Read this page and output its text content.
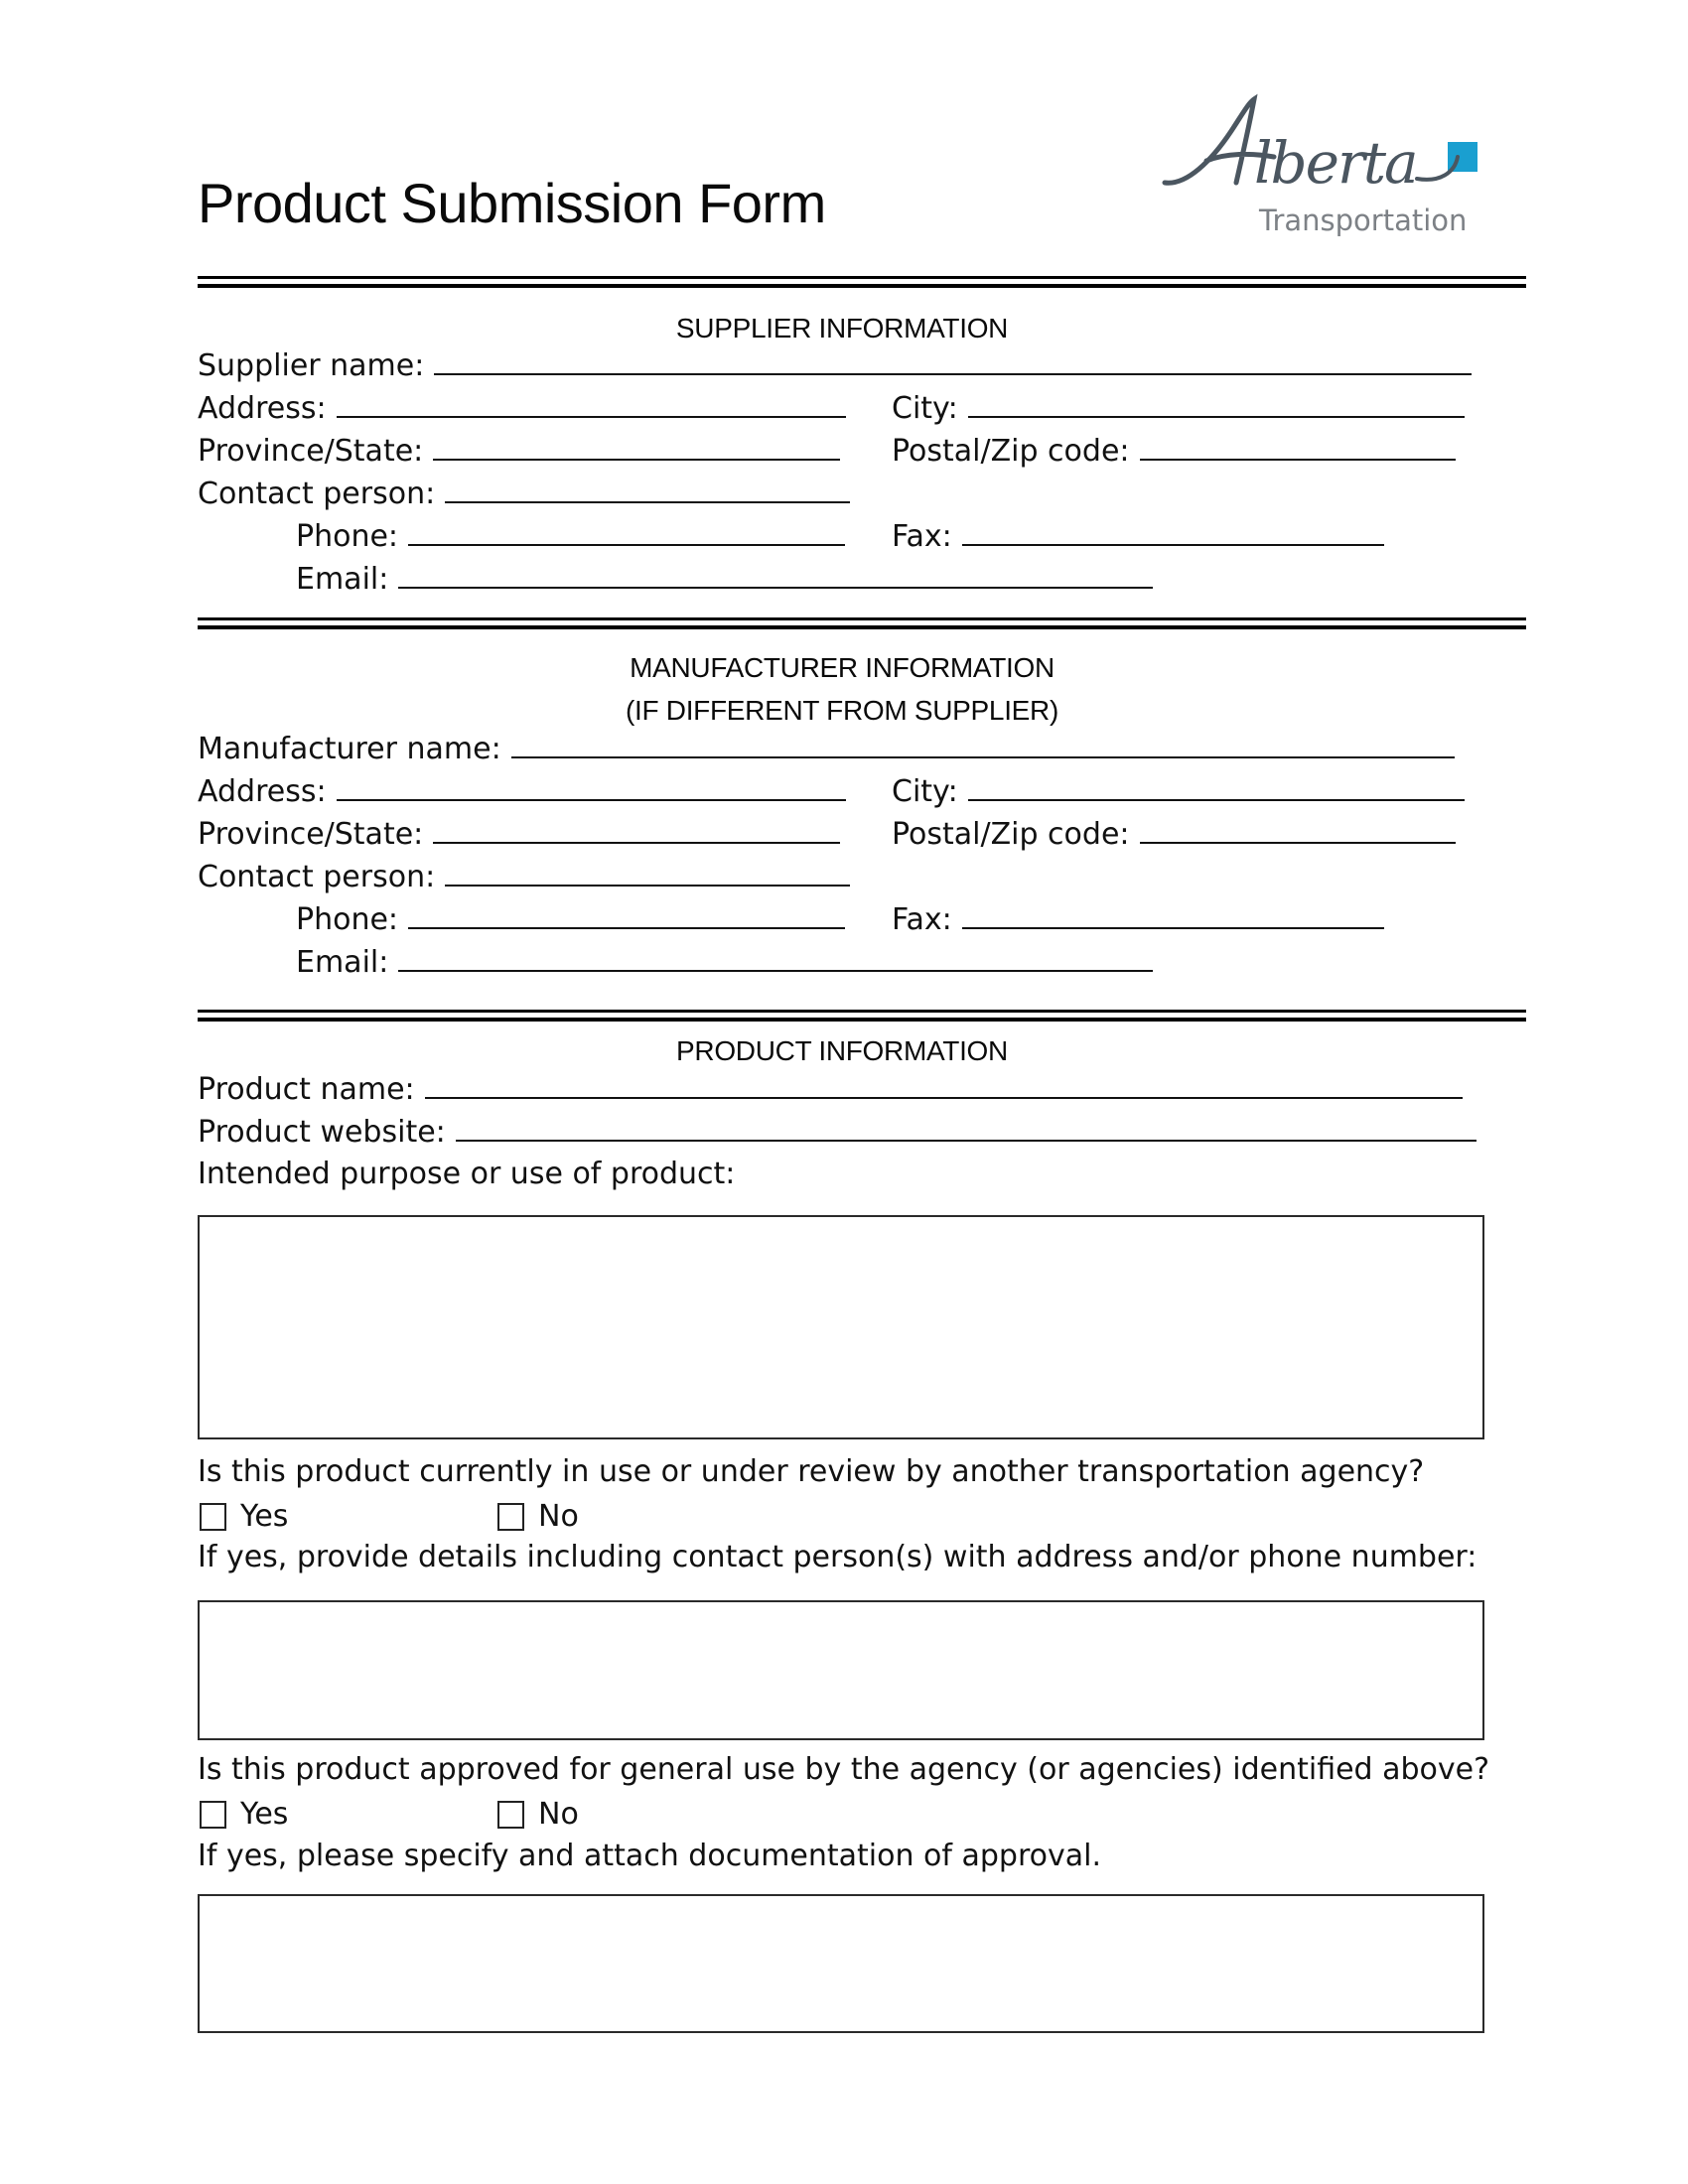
Product Submission Form
lberta
Transportation
SUPPLIER INFORMATION
Supplier name:
Address:	City:
Province/State:	Postal/Zip code:
Contact person:
Phone:	Fax:
Email:
MANUFACTURER INFORMATION
(IF DIFFERENT FROM SUPPLIER)
Manufacturer name:
Address:	City:
Province/State:	Postal/Zip code:
Contact person:
Phone:	Fax:
Email:
PRODUCT INFORMATION
Product name:
Product website:
Intended purpose or use of product:
Is this product currently in use or under review by another transportation agency?
Yes	No
If yes, provide details including contact person(s) with address and/or phone number:
Is this product approved for general use by the agency (or agencies) identified above?
Yes	No
If yes, please specify and attach documentation of approval.
